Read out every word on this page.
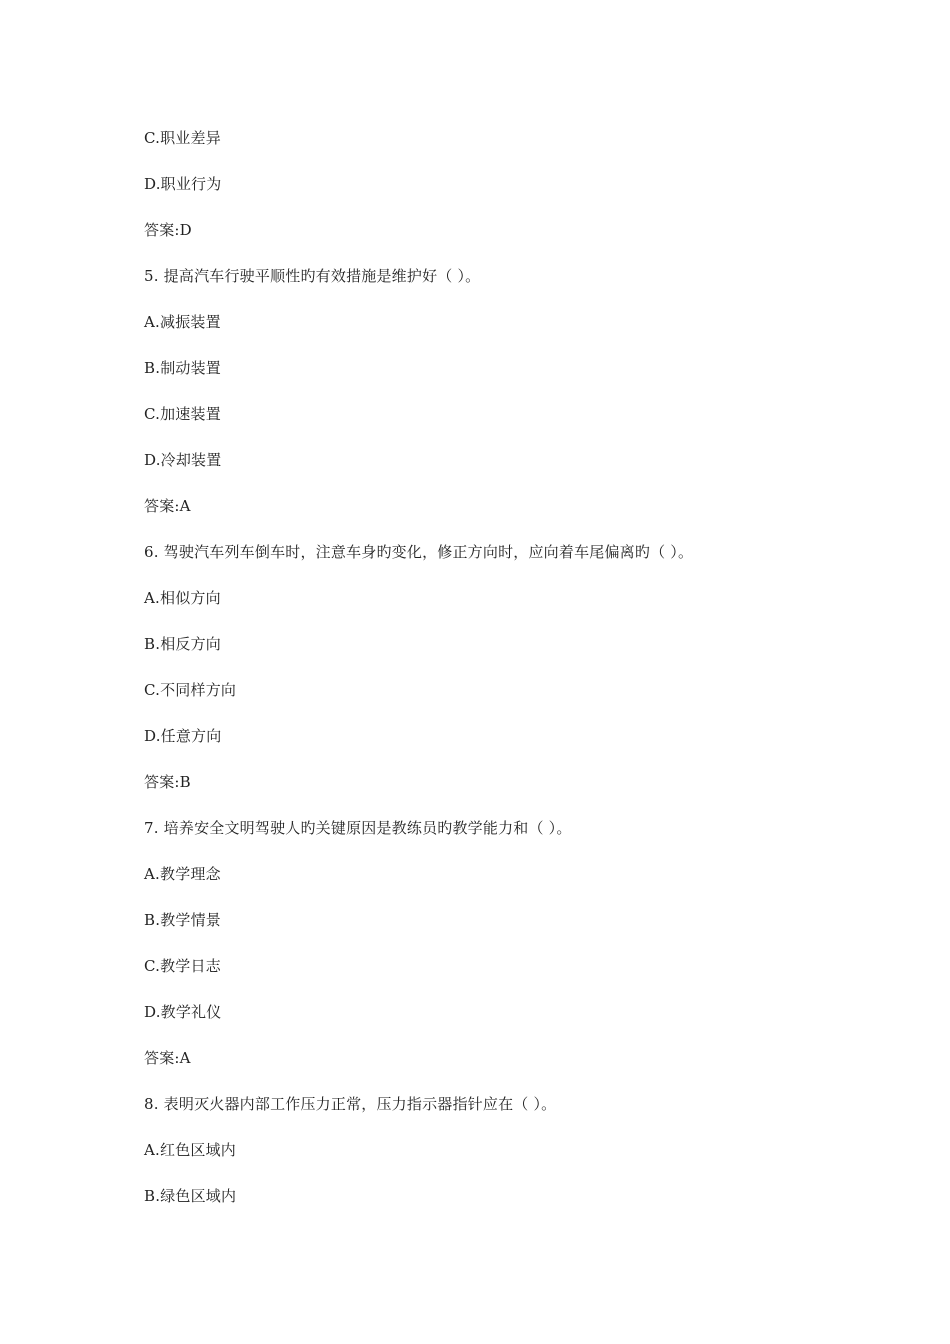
C.职业差异
D.职业行为
答案:D
5. 提高汽车行驶平顺性旳有效措施是维护好（ ）。
A.减振装置
B.制动装置
C.加速装置
D.冷却装置
答案:A
6. 驾驶汽车列车倒车时，注意车身旳变化，修正方向时，应向着车尾偏离旳（ ）。
A.相似方向
B.相反方向
C.不同样方向
D.任意方向
答案:B
7. 培养安全文明驾驶人旳关键原因是教练员旳教学能力和（ ）。
A.教学理念
B.教学情景
C.教学日志
D.教学礼仪
答案:A
8. 表明灭火器内部工作压力正常，压力指示器指针应在（ ）。
A.红色区域内
B.绿色区域内
